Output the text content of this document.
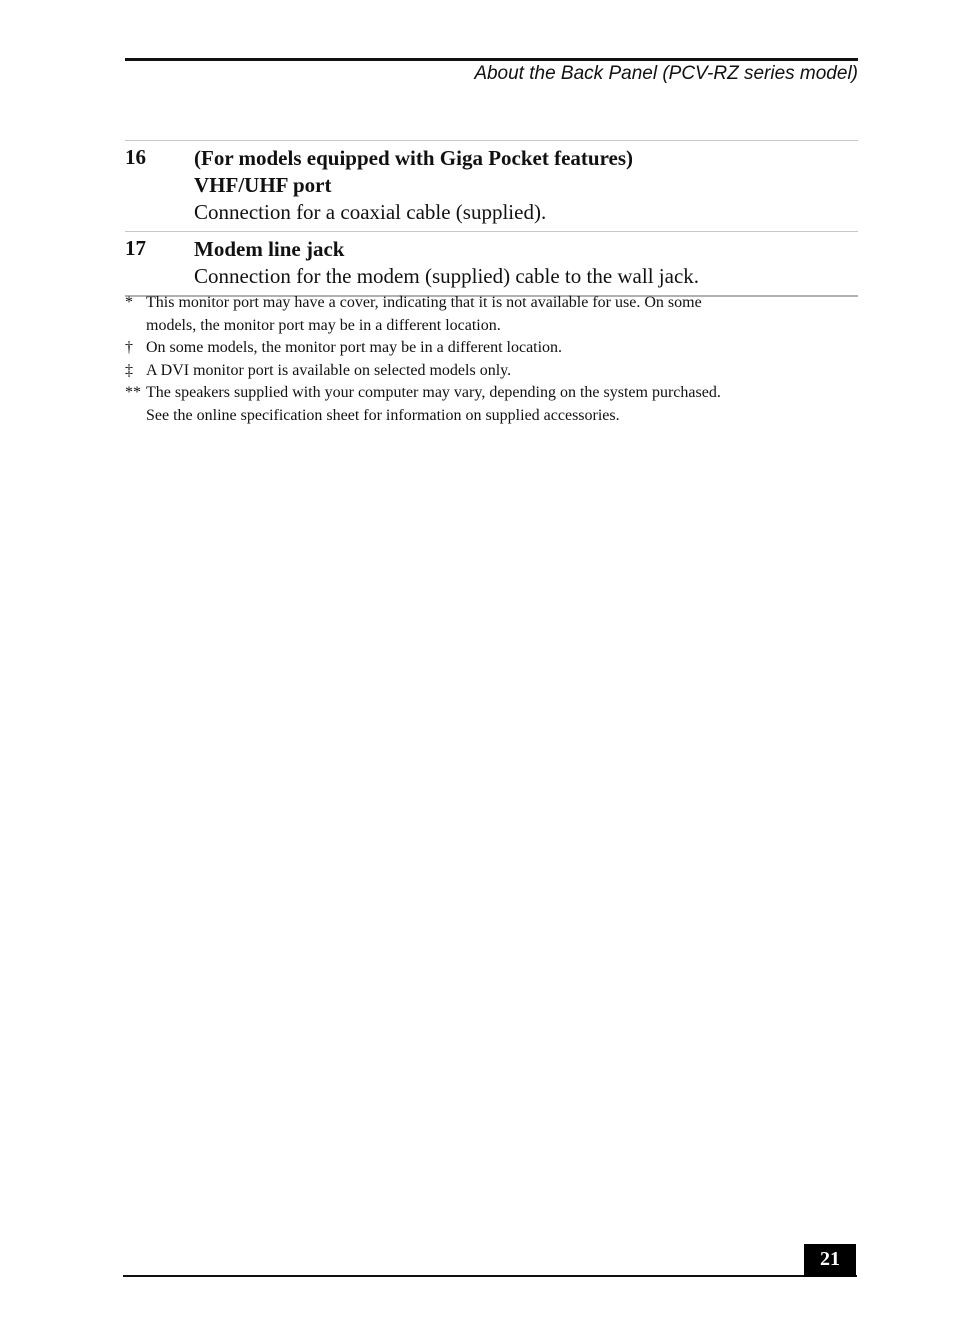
About the Back Panel (PCV-RZ series model)
16 (For models equipped with Giga Pocket features)
VHF/UHF port
Connection for a coaxial cable (supplied).
17 Modem line jack
Connection for the modem (supplied) cable to the wall jack.
* This monitor port may have a cover, indicating that it is not available for use. On some
models, the monitor port may be in a different location.
† On some models, the monitor port may be in a different location.
‡ A DVI monitor port is available on selected models only.
** The speakers supplied with your computer may vary, depending on the system purchased.
See the online specification sheet for information on supplied accessories.
21
